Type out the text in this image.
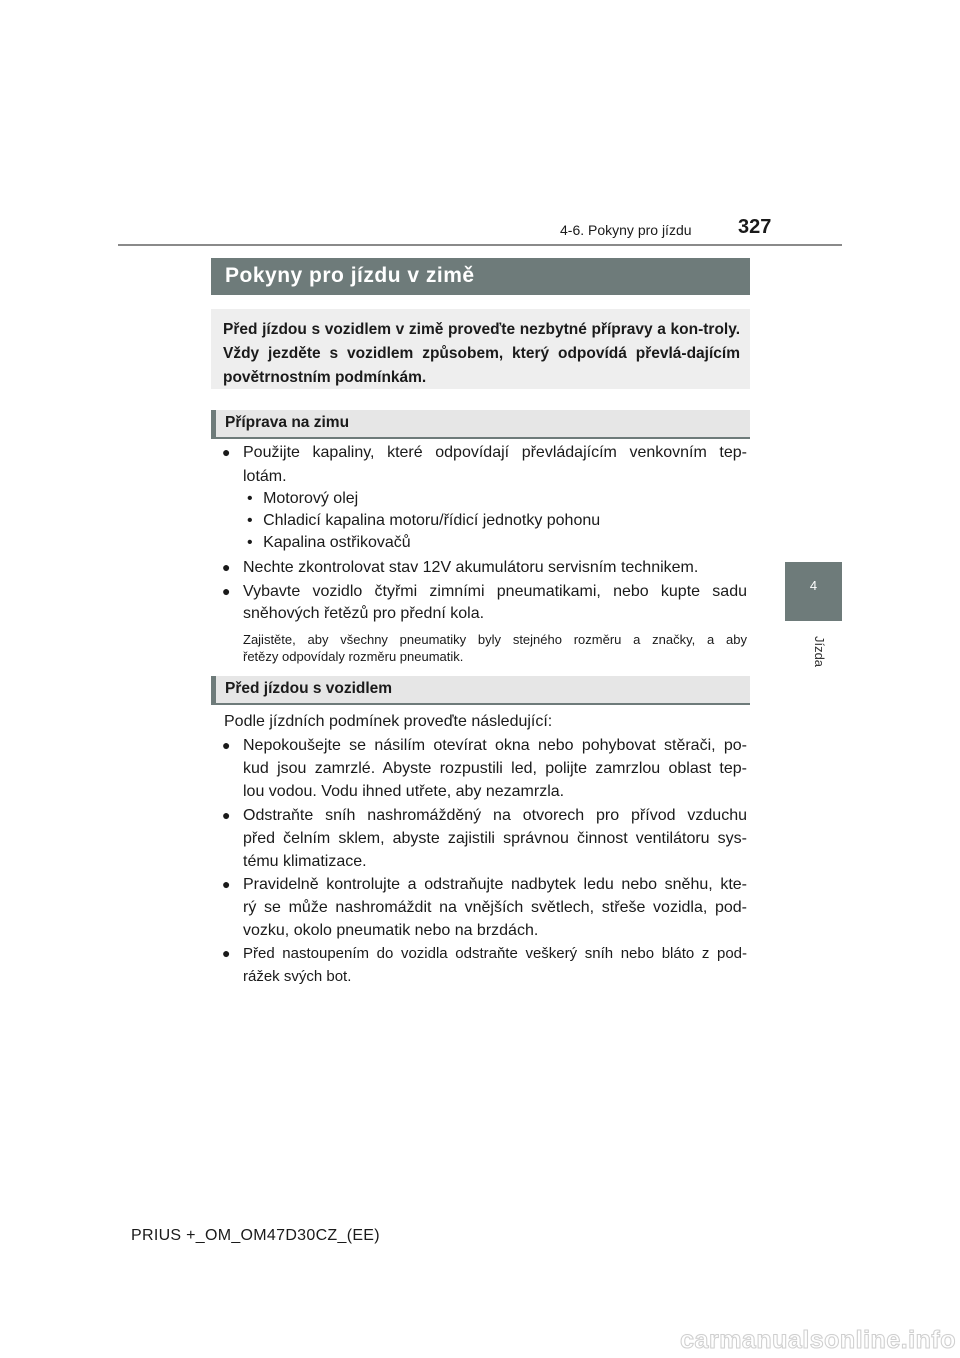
4-6. Pokyny pro jízdu 327
4
Jízda
Pokyny pro jízdu v zimě
Před jízdou s vozidlem v zimě proveďte nezbytné přípravy a kon-troly. Vždy jezděte s vozidlem způsobem, který odpovídá převlá-dajícím povětrnostním podmínkám.
Příprava na zimu
● Použijte kapaliny, které odpovídají převládajícím venkovním tep-
lotám.
• Motorový olej
• Chladicí kapalina motoru/řídicí jednotky pohonu
• Kapalina ostřikovačů
● Nechte zkontrolovat stav 12V akumulátoru servisním technikem.
● Vybavte vozidlo čtyřmi zimními pneumatikami, nebo kupte sadu
sněhových řetězů pro přední kola.
Zajistěte, aby všechny pneumatiky byly stejného rozměru a značky, a aby
řetězy odpovídaly rozměru pneumatik.
Před jízdou s vozidlem
Podle jízdních podmínek proveďte následující:
● Nepokoušejte se násilím otevírat okna nebo pohybovat stěrači, po-
kud jsou zamrzlé. Abyste rozpustili led, polijte zamrzlou oblast tep-
lou vodou. Vodu ihned utřete, aby nezamrzla.
● Odstraňte sníh nashromážděný na otvorech pro přívod vzduchu
před čelním sklem, abyste zajistili správnou činnost ventilátoru sys-
tému klimatizace.
● Pravidelně kontrolujte a odstraňujte nadbytek ledu nebo sněhu, kte-
rý se může nashromáždit na vnějších světlech, střeše vozidla, pod-
vozku, okolo pneumatik nebo na brzdách.
● Před nastoupením do vozidla odstraňte veškerý sníh nebo bláto z pod-
rážek svých bot.
PRIUS +_OM_OM47D30CZ_(EE)
carmanualsonline.info
